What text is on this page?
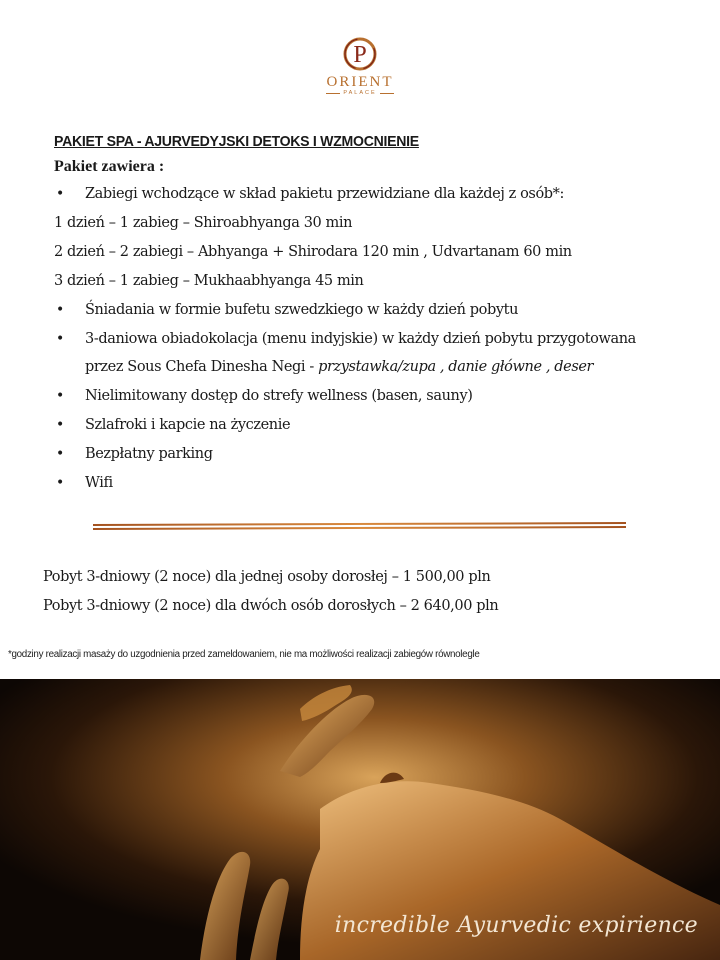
P
ORIENT
PALACE
PAKIET SPA - AJURVEDYJSKI DETOKS I WZMOCNIENIE
Pakiet zawiera :
• Zabiegi wchodzące w skład pakietu przewidziane dla każdej z osób*:
1 dzień – 1 zabieg – Shiroabhyanga 30 min
2 dzień – 2 zabiegi – Abhyanga + Shirodara 120 min , Udvartanam 60 min
3 dzień – 1 zabieg – Mukhaabhyanga 45 min
• Śniadania w formie bufetu szwedzkiego w każdy dzień pobytu
• 3-daniowa obiadokolacja (menu indyjskie) w każdy dzień pobytu przygotowana
przez Sous Chefa Dinesha Negi - przystawka/zupa , danie główne , deser
• Nielimitowany dostęp do strefy wellness (basen, sauny)
• Szlafroki i kapcie na życzenie
• Bezpłatny parking
• Wifi
Pobyt 3-dniowy (2 noce) dla jednej osoby dorosłej – 1 500,00 pln
Pobyt 3-dniowy (2 noce) dla dwóch osób dorosłych – 2 640,00 pln
*godziny realizacji masaży do uzgodnienia przed zameldowaniem, nie ma możliwości realizacji zabiegów równolegle
incredible Ayurvedic expirience
